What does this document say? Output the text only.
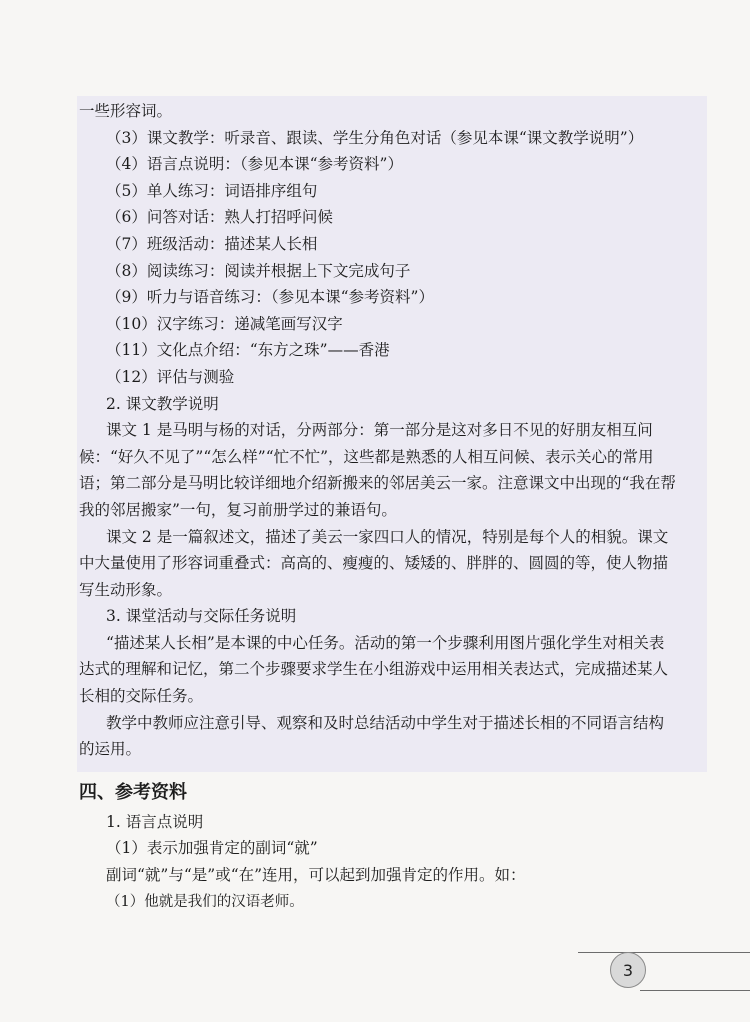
一些形容词。

（3）课文教学：听录音、跟读、学生分角色对话（参见本课“课文教学说明”）

（4）语言点说明：（参见本课“参考资料”）

（5）单人练习：词语排序组句

（6）问答对话：熟人打招呼问候

（7）班级活动：描述某人长相

（8）阅读练习：阅读并根据上下文完成句子

（9）听力与语音练习：（参见本课“参考资料”）

（10）汉字练习：递减笔画写汉字

（11）文化点介绍：“东方之珠”——香港

（12）评估与测验

2. 课文教学说明

课文 1 是马明与杨的对话，分两部分：第一部分是这对多日不见的好朋友相互问候：“好久不见了”“怎么样”“忙不忙”，这些都是熟悉的人相互问候、表示关心的常用语；第二部分是马明比较详细地介绍新搬来的邻居美云一家。注意课文中出现的“我在帮我的邻居搬家”一句，复习前册学过的兼语句。

课文 2 是一篇叙述文，描述了美云一家四口人的情况，特别是每个人的相貌。课文中大量使用了形容词重叠式：高高的、瘦瘦的、矮矮的、胖胖的、圆圆的等，使人物描写生动形象。

3. 课堂活动与交际任务说明

“描述某人长相”是本课的中心任务。活动的第一个步骤利用图片强化学生对相关表达式的理解和记忆，第二个步骤要求学生在小组游戏中运用相关表达式，完成描述某人长相的交际任务。

教学中教师应注意引导、观察和及时总结活动中学生对于描述长相的不同语言结构的运用。

四、参考资料

1. 语言点说明

（1）表示加强肯定的副词“就”

副词“就”与“是”或“在”连用，可以起到加强肯定的作用。如：

（1）他就是我们的汉语老师。

3
